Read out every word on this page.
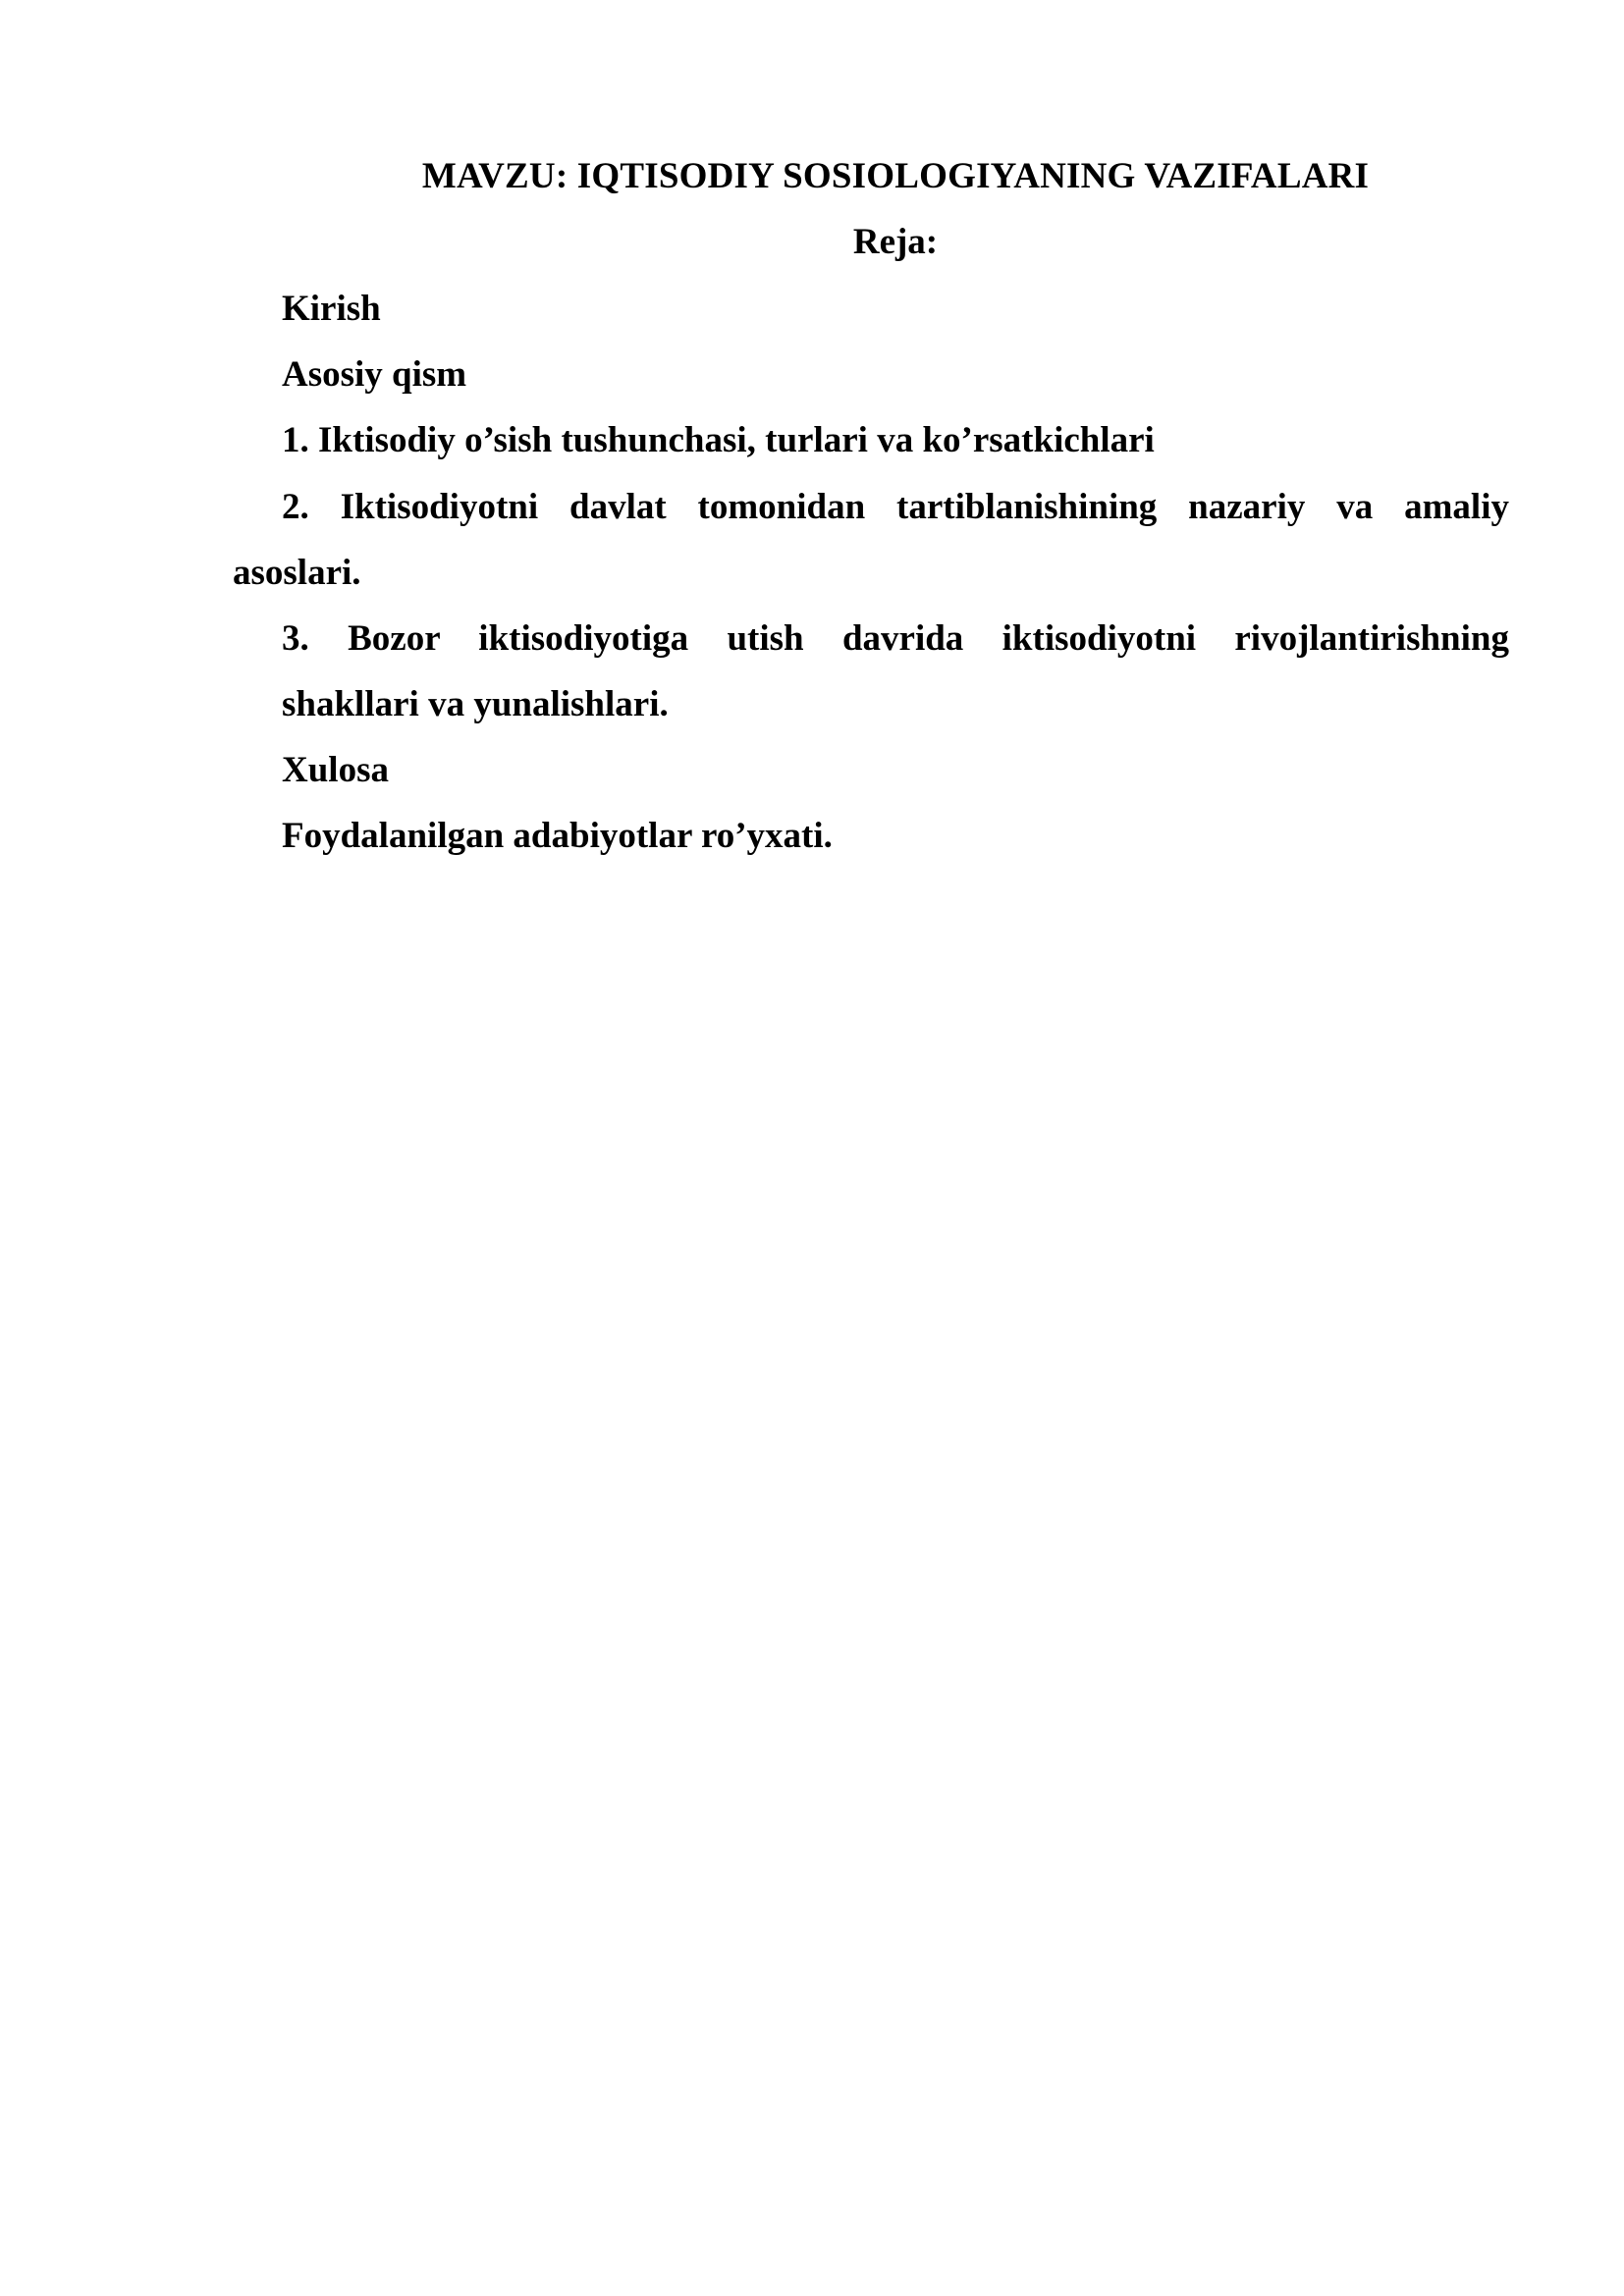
MAVZU: IQTISODIY SOSIOLOGIYANING VAZIFALARI
Reja:
Kirish
Asosiy qism
1. Iktisodiy o’sish tushunchasi, turlari va ko’rsatkichlari
2. Iktisodiyotni davlat tomonidan tartiblanishining nazariy va amaliy
asoslari.
3. Bozor iktisodiyotiga utish davrida iktisodiyotni rivojlantirishning
shakllari va yunalishlari.
Xulosa
Foydalanilgan adabiyotlar ro’yxati.
